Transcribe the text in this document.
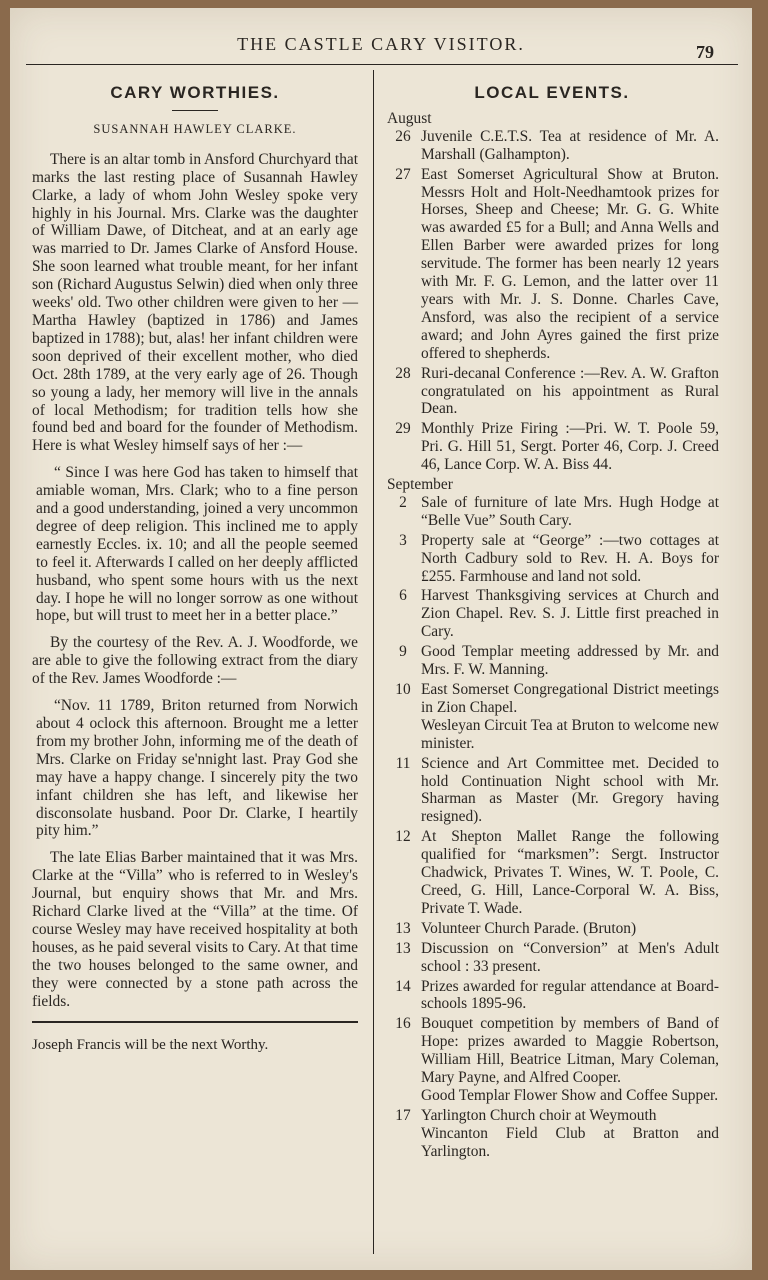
THE CASTLE CARY VISITOR.	79
CARY WORTHIES.
SUSANNAH HAWLEY CLARKE.

There is an altar tomb in Ansford Churchyard that marks the last resting place of Susannah Hawley Clarke, a lady of whom John Wesley spoke very highly in his Journal. Mrs. Clarke was the daughter of William Dawe, of Ditcheat, and at an early age was married to Dr. James Clarke of Ansford House. She soon learned what trouble meant, for her infant son (Richard Augustus Selwin) died when only three weeks' old. Two other children were given to her — Martha Hawley (baptized in 1786) and James baptized in 1788); but, alas! her infant children were soon deprived of their excellent mother, who died Oct. 28th 1789, at the very early age of 26. Though so young a lady, her memory will live in the annals of local Methodism; for tradition tells how she found bed and board for the founder of Methodism. Here is what Wesley himself says of her :—

“ Since I was here God has taken to himself that amiable woman, Mrs. Clark; who to a fine person and a good understanding, joined a very uncommon degree of deep religion. This inclined me to apply earnestly Eccles. ix. 10; and all the people seemed to feel it. Afterwards I called on her deeply afflicted husband, who spent some hours with us the next day. I hope he will no longer sorrow as one without hope, but will trust to meet her in a better place.”

By the courtesy of the Rev. A. J. Woodforde, we are able to give the following extract from the diary of the Rev. James Woodforde :—

“Nov. 11 1789, Briton returned from Norwich about 4 oclock this afternoon. Brought me a letter from my brother John, informing me of the death of Mrs. Clarke on Friday se'nnight last. Pray God she may have a happy change. I sincerely pity the two infant children she has left, and likewise her disconsolate husband. Poor Dr. Clarke, I heartily pity him.”

The late Elias Barber maintained that it was Mrs. Clarke at the “Villa” who is referred to in Wesley's Journal, but enquiry shows that Mr. and Mrs. Richard Clarke lived at the “Villa” at the time. Of course Wesley may have received hospitality at both houses, as he paid several visits to Cary. At that time the two houses belonged to the same owner, and they were connected by a stone path across the fields.

Joseph Francis will be the next Worthy.

LOCAL EVENTS.
August
26 Juvenile C.E.T.S. Tea at residence of Mr. A. Marshall (Galhampton).
27 East Somerset Agricultural Show at Bruton. Messrs Holt and Holt-Needhamtook prizes for Horses, Sheep and Cheese; Mr. G. G. White was awarded £5 for a Bull; and Anna Wells and Ellen Barber were awarded prizes for long servitude. The former has been nearly 12 years with Mr. F. G. Lemon, and the latter over 11 years with Mr. J. S. Donne. Charles Cave, Ansford, was also the recipient of a service award; and John Ayres gained the first prize offered to shepherds.
28 Ruri-decanal Conference :—Rev. A. W. Grafton congratulated on his appointment as Rural Dean.
29 Monthly Prize Firing :—Pri. W. T. Poole 59, Pri. G. Hill 51, Sergt. Porter 46, Corp. J. Creed 46, Lance Corp. W. A. Biss 44.
September
2 Sale of furniture of late Mrs. Hugh Hodge at “Belle Vue” South Cary.
3 Property sale at “George” :—two cottages at North Cadbury sold to Rev. H. A. Boys for £255. Farmhouse and land not sold.
6 Harvest Thanksgiving services at Church and Zion Chapel. Rev. S. J. Little first preached in Cary.
9 Good Templar meeting addressed by Mr. and Mrs. F. W. Manning.
10 East Somerset Congregational District meetings in Zion Chapel.
Wesleyan Circuit Tea at Bruton to welcome new minister.
11 Science and Art Committee met. Decided to hold Continuation Night school with Mr. Sharman as Master (Mr. Gregory having resigned).
12 At Shepton Mallet Range the following qualified for “marksmen”: Sergt. Instructor Chadwick, Privates T. Wines, W. T. Poole, C. Creed, G. Hill, Lance-Corporal W. A. Biss, Private T. Wade.
13 Volunteer Church Parade. (Bruton)
13 Discussion on “Conversion” at Men's Adult school : 33 present.
14 Prizes awarded for regular attendance at Board-schools 1895-96.
16 Bouquet competition by members of Band of Hope: prizes awarded to Maggie Robertson, William Hill, Beatrice Litman, Mary Coleman, Mary Payne, and Alfred Cooper.
Good Templar Flower Show and Coffee Supper.
17 Yarlington Church choir at Weymouth
Wincanton Field Club at Bratton and Yarlington.
